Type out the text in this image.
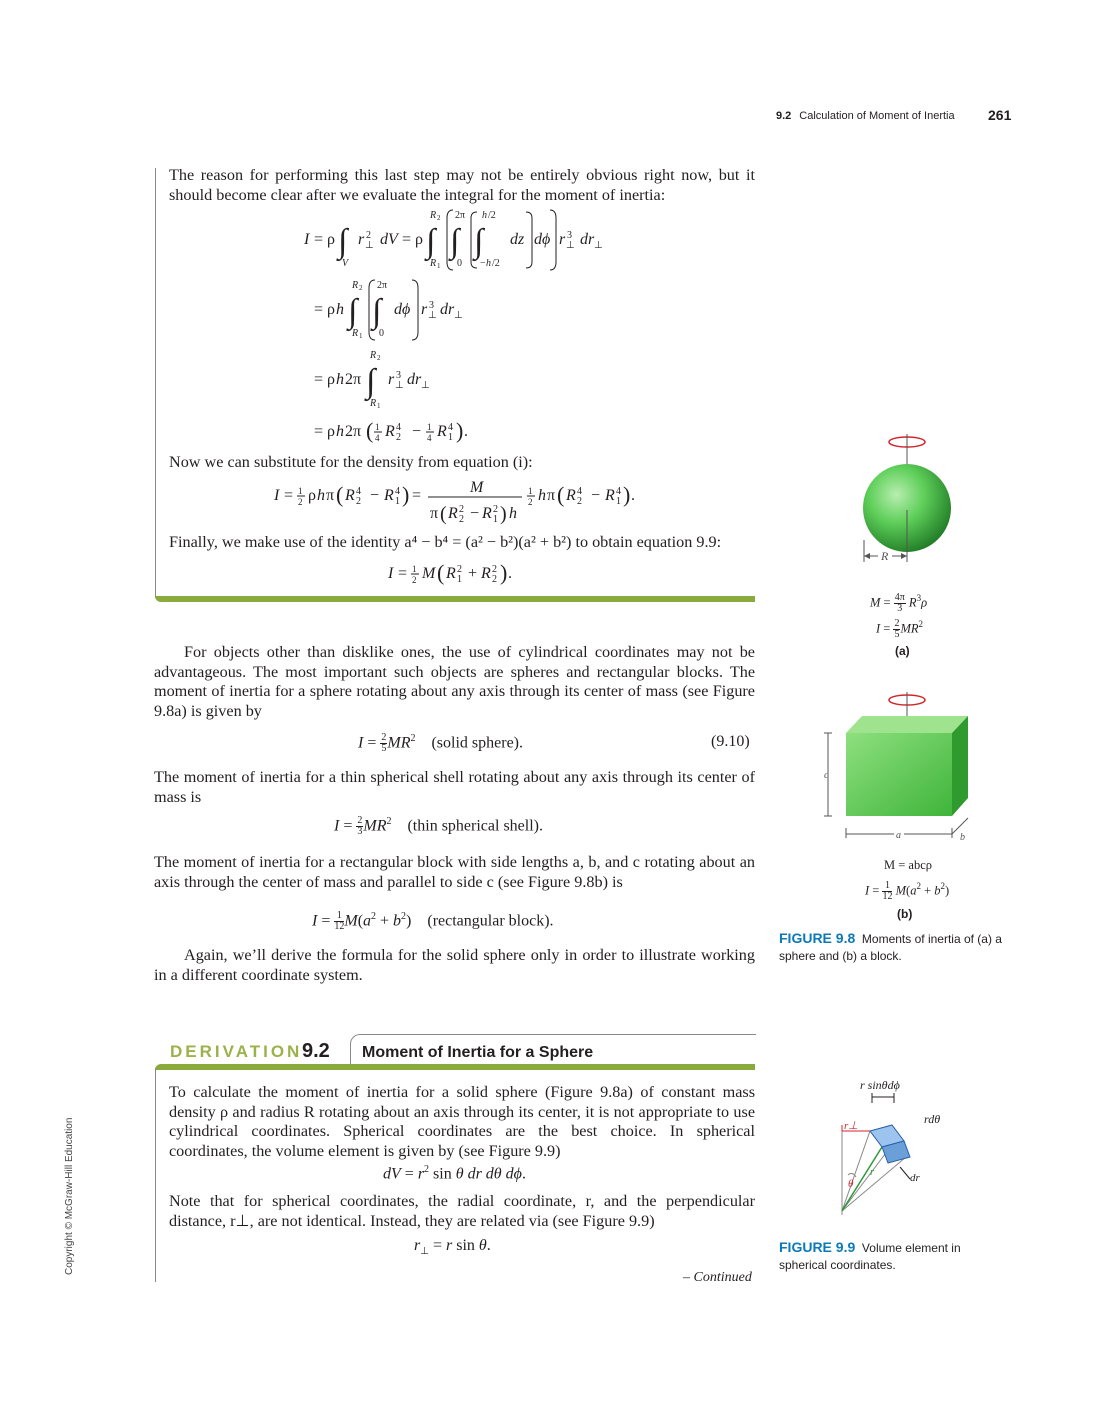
9.2 Calculation of Moment of Inertia 261
The reason for performing this last step may not be entirely obvious right now, but it should become clear after we evaluate the integral for the moment of inertia:
I = ρ ∫
V
r 2
⊥ dV = ρ ∫
R 2
R 1
∫
2π
0
∫
h /2
− h /2
dz dϕ r 3
⊥ dr ⊥
= ρ h ∫
R 2
R 1
∫
2π
0
dϕ r 3
⊥ dr ⊥
= ρ h 2π ∫
R 2
R 1
r 3
⊥ dr ⊥
= ρ h 2π ( 1
4 R 4
2 − 1
4 R 4
1 ) .
Now we can substitute for the density from equation (i):
I = 1
2 ρ h π ( R 4
2 − R 4
1 ) =	M
π ( R 2
2 − R 2
1 ) h
1
2 h π ( R 4
2 − R 4
1 ) .
Finally, we make use of the identity a⁴ − b⁴ = (a² − b²)(a² + b²) to obtain equation 9.9:
I = 1
2 M ( R 2
1 + R 2
2 ) .
For objects other than disklike ones, the use of cylindrical coordinates may not be advantageous. The most important such objects are spheres and rectangular blocks. The moment of inertia for a sphere rotating about any axis through its center of mass (see Figure 9.8a) is given by
$I = \frac{2}{5} MR^2$ (solid sphere).	(9.10)
The moment of inertia for a thin spherical shell rotating about any axis through its center of mass is
$I = \frac{2}{3} MR^2$ (thin spherical shell).
The moment of inertia for a rectangular block with side lengths a, b, and c rotating about an axis through the center of mass and parallel to side c (see Figure 9.8b) is
$I = \frac{1}{12} M(a^2 + b^2)$    (rectangular block).
Again, we’ll derive the formula for the solid sphere only in order to illustrate working in a different coordinate system.
DERIVATION 9.2 Moment of Inertia for a Sphere
To calculate the moment of inertia for a solid sphere (Figure 9.8a) of constant mass density ρ and radius R rotating about an axis through its center, it is not appropriate to use cylindrical coordinates. Spherical coordinates are the best choice. In spherical coordinates, the volume element is given by (see Figure 9.9)
dV = $r^2$ sin θ dr dθ dϕ.
Note that for spherical coordinates, the radial coordinate, r, and the perpendicular distance, r⊥, are not identical. Instead, they are related via (see Figure 9.9)
$r_\perp = r$ sin θ.
– Continued
Copyright © McGraw-Hill Education
R
$M = \frac{4\pi}{3} R^3\rho$
$I = \frac{2}{5} MR^2$
(a)
c
a	b
M = abcρ
$I = \frac{1}{12} M(a^2 + b^2)$
(b)
FIGURE 9.8 Moments of inertia of (a) a sphere and (b) a block.
r sinθdϕ
rdθ
r⊥
θ
r	dr
FIGURE 9.9 Volume element in spherical coordinates.
